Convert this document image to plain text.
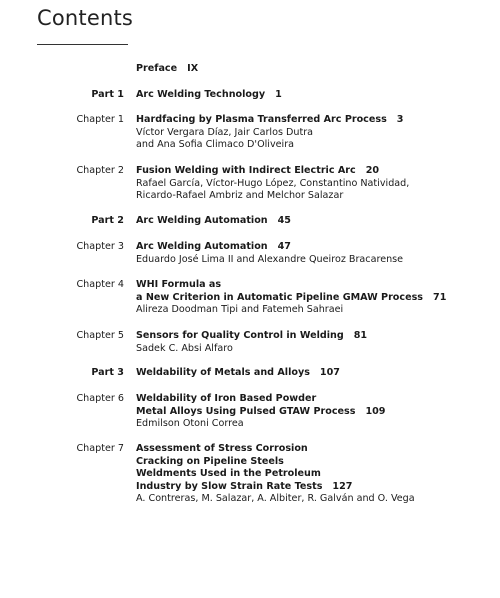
Contents
Preface IX
Part 1 Arc Welding Technology 1
Chapter 1 Hardfacing by Plasma Transferred Arc Process 3
Víctor Vergara Díaz, Jair Carlos Dutra
and Ana Sofia Climaco D'Oliveira
Chapter 2 Fusion Welding with Indirect Electric Arc 20
Rafael García, Víctor-Hugo López, Constantino Natividad,
Ricardo-Rafael Ambriz and Melchor Salazar
Part 2 Arc Welding Automation 45
Chapter 3 Arc Welding Automation 47
Eduardo José Lima II and Alexandre Queiroz Bracarense
Chapter 4 WHI Formula as
a New Criterion in Automatic Pipeline GMAW Process 71
Alireza Doodman Tipi and Fatemeh Sahraei
Chapter 5 Sensors for Quality Control in Welding 81
Sadek C. Absi Alfaro
Part 3 Weldability of Metals and Alloys 107
Chapter 6 Weldability of Iron Based Powder
Metal Alloys Using Pulsed GTAW Process 109
Edmilson Otoni Correa
Chapter 7 Assessment of Stress Corrosion
Cracking on Pipeline Steels
Weldments Used in the Petroleum
Industry by Slow Strain Rate Tests 127
A. Contreras, M. Salazar, A. Albiter, R. Galván and O. Vega
